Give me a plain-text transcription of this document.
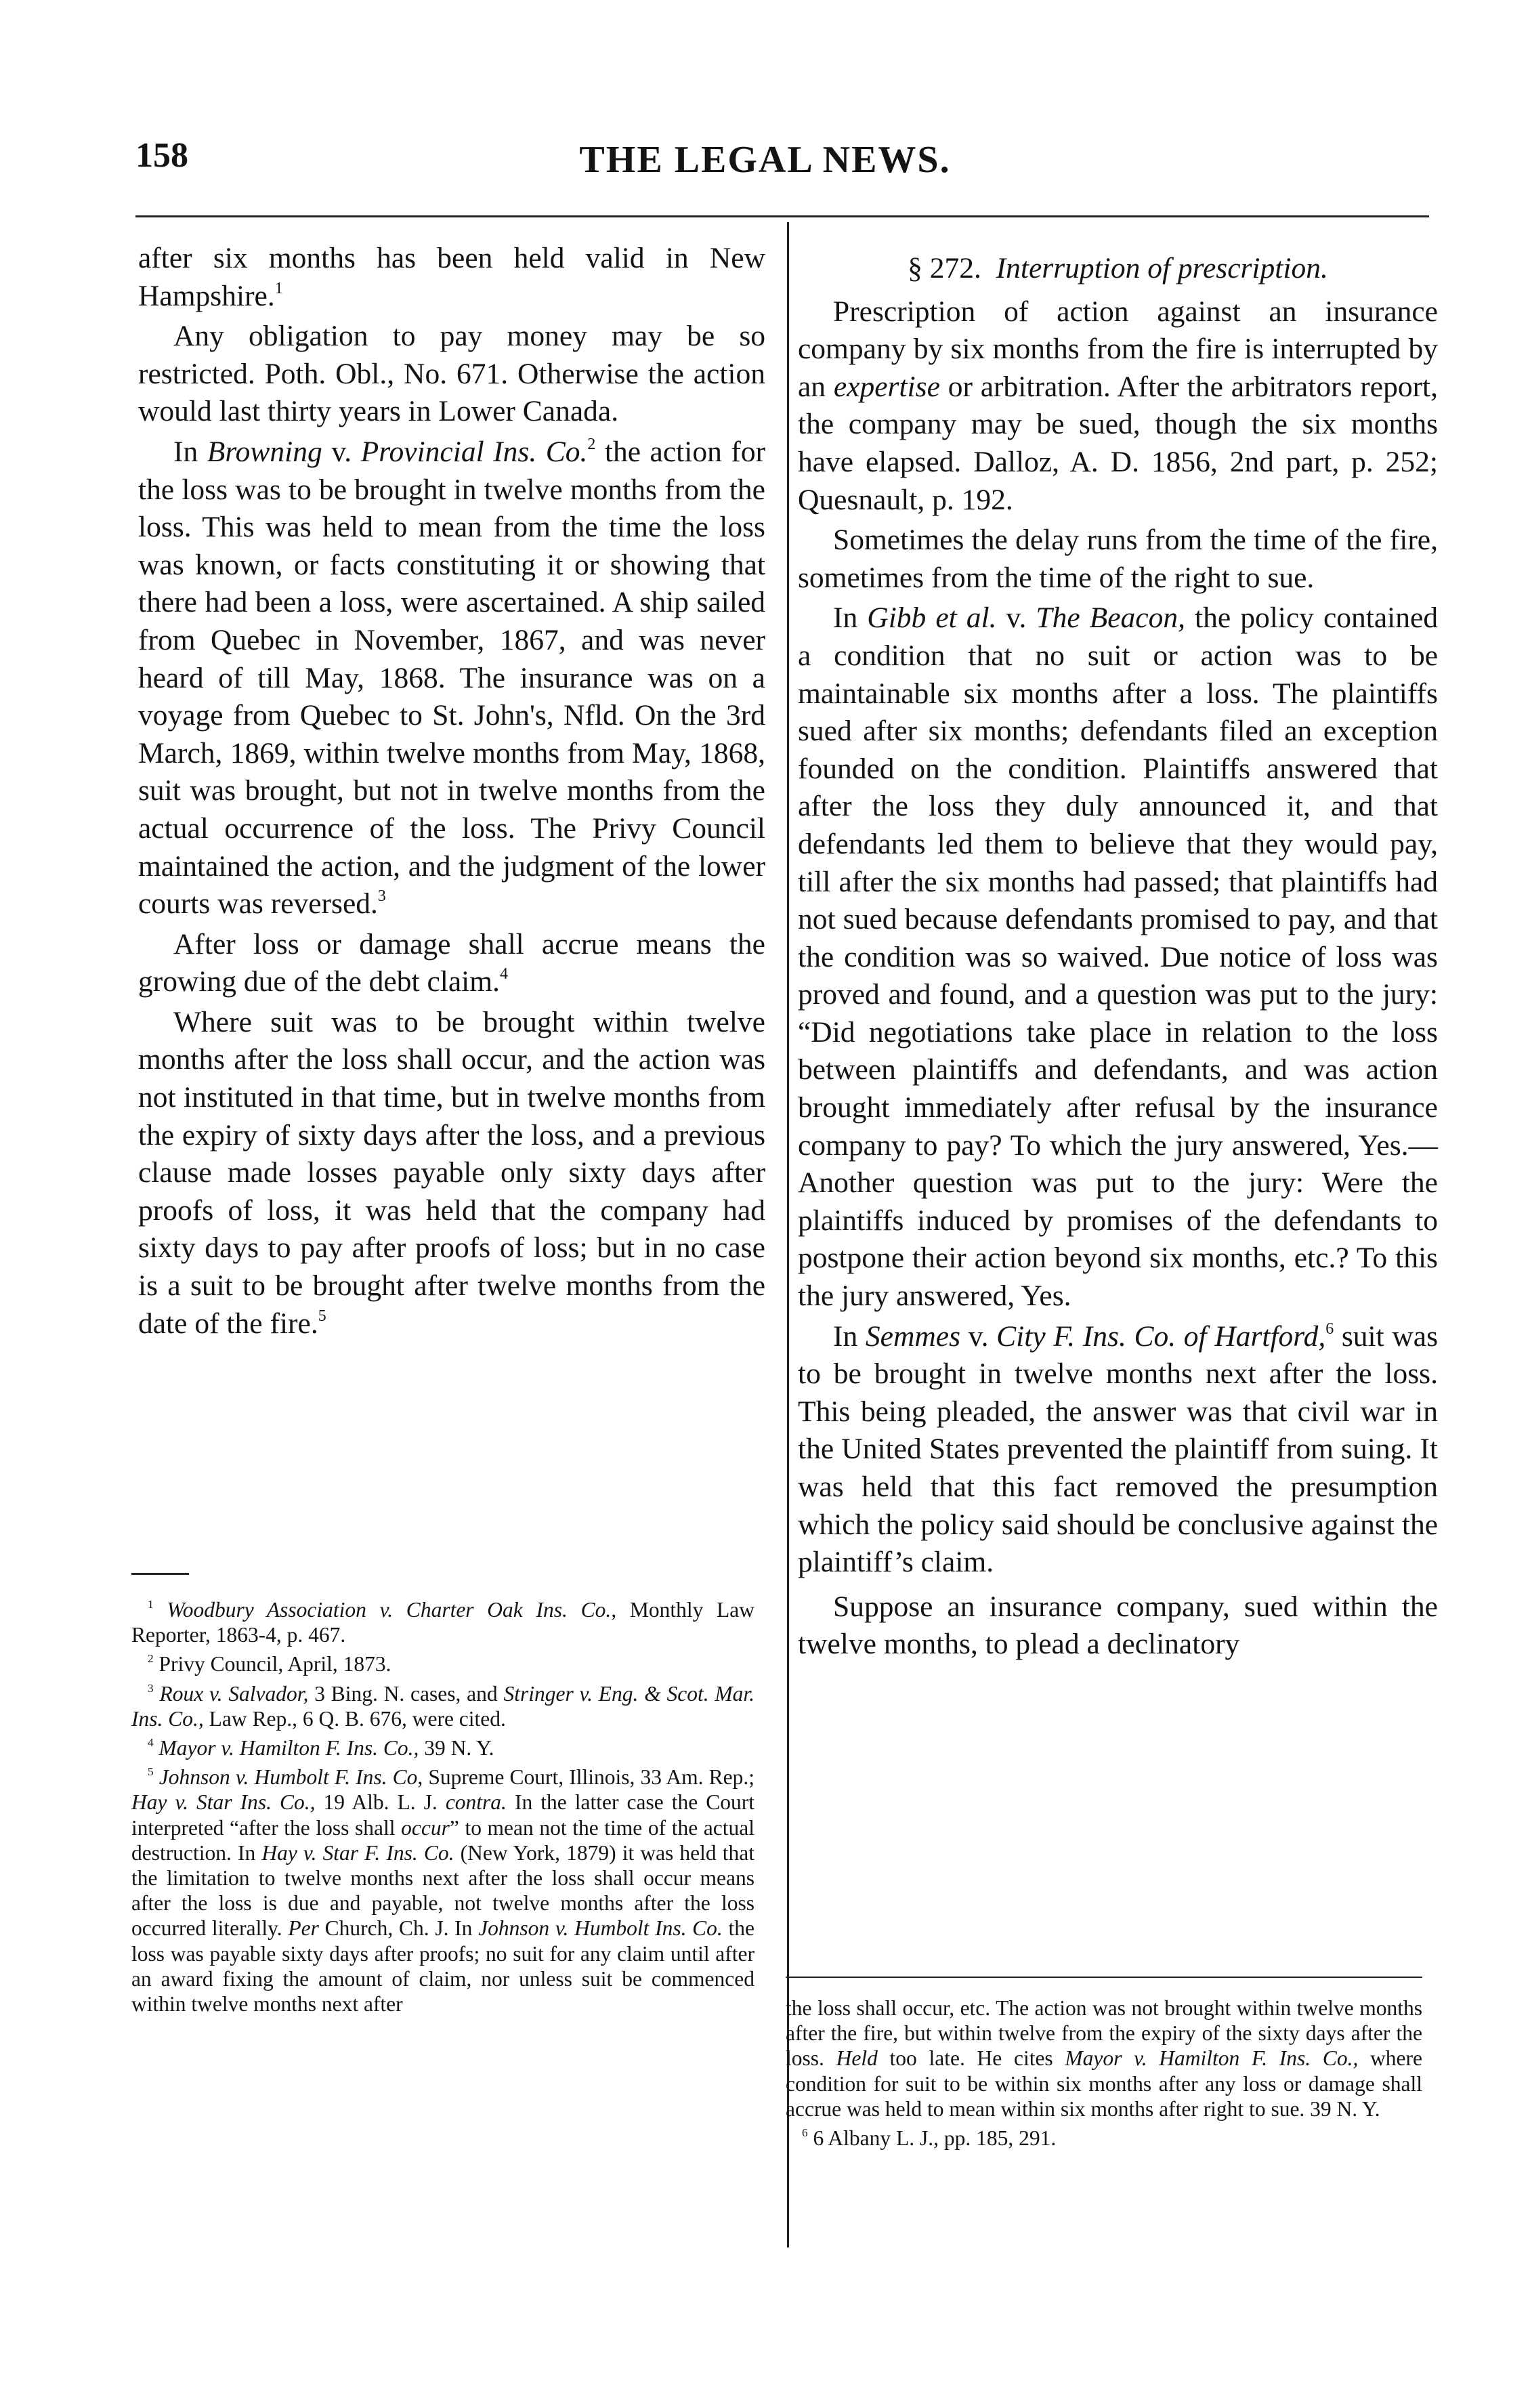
158	THE LEGAL NEWS.

after six months has been held valid in New Hampshire.$^1$

Any obligation to pay money may be so restricted. Poth. Obl., No. 671. Otherwise the action would last thirty years in Lower Canada.

In Browning v. Provincial Ins. Co.$^2$ the action for the loss was to be brought in twelve months from the loss. This was held to mean from the time the loss was known, or facts constituting it or showing that there had been a loss, were ascertained. A ship sailed from Quebec in November, 1867, and was never heard of till May, 1868. The insurance was on a voyage from Quebec to St. John's, Nfld. On the 3rd March, 1869, within twelve months from May, 1868, suit was brought, but not in twelve months from the actual occurrence of the loss. The Privy Council maintained the action, and the judgment of the lower courts was reversed.$^3$

After loss or damage shall accrue means the growing due of the debt claim.$^4$

Where suit was to be brought within twelve months after the loss shall occur, and the action was not instituted in that time, but in twelve months from the expiry of sixty days after the loss, and a previous clause made losses payable only sixty days after proofs of loss, it was held that the company had sixty days to pay after proofs of loss; but in no case is a suit to be brought after twelve months from the date of the fire.$^5$

$^1$ Woodbury Association v. Charter Oak Ins. Co., Monthly Law Reporter, 1863-4, p. 467.

$^2$ Privy Council, April, 1873.

$^3$ Roux v. Salvador, 3 Bing. N. cases, and Stringer v. Eng. & Scot. Mar. Ins. Co., Law Rep., 6 Q. B. 676, were cited.

$^4$ Mayor v. Hamilton F. Ins. Co., 39 N. Y.

$^5$ Johnson v. Humbolt F. Ins. Co, Supreme Court, Illinois, 33 Am. Rep.; Hay v. Star Ins. Co., 19 Alb. L. J. contra. In the latter case the Court interpreted “after the loss shall occur” to mean not the time of the actual destruction. In Hay v. Star F. Ins. Co. (New York, 1879) it was held that the limitation to twelve months next after the loss shall occur means after the loss is due and payable, not twelve months after the loss occurred literally. Per Church, Ch. J. In Johnson v. Humbolt Ins. Co. the loss was payable sixty days after proofs; no suit for any claim until after an award fixing the amount of claim, nor unless suit be commenced within twelve months next after

§ 272. Interruption of prescription.

Prescription of action against an insurance company by six months from the fire is interrupted by an expertise or arbitration. After the arbitrators report, the company may be sued, though the six months have elapsed. Dalloz, A. D. 1856, 2nd part, p. 252; Quesnault, p. 192.

Sometimes the delay runs from the time of the fire, sometimes from the time of the right to sue.

In Gibb et al. v. The Beacon, the policy contained a condition that no suit or action was to be maintainable six months after a loss. The plaintiffs sued after six months; defendants filed an exception founded on the condition. Plaintiffs answered that after the loss they duly announced it, and that defendants led them to believe that they would pay, till after the six months had passed; that plaintiffs had not sued because defendants promised to pay, and that the condition was so waived. Due notice of loss was proved and found, and a question was put to the jury: “Did negotiations take place in relation to the loss between plaintiffs and defendants, and was action brought immediately after refusal by the insurance company to pay? To which the jury answered, Yes.—Another question was put to the jury: Were the plaintiffs induced by promises of the defendants to postpone their action beyond six months, etc.? To this the jury answered, Yes.

In Semmes v. City F. Ins. Co. of Hartford,$^6$ suit was to be brought in twelve months next after the loss. This being pleaded, the answer was that civil war in the United States prevented the plaintiff from suing. It was held that this fact removed the presumption which the policy said should be conclusive against the plaintiff’s claim.

Suppose an insurance company, sued within the twelve months, to plead a declinatory

the loss shall occur, etc. The action was not brought within twelve months after the fire, but within twelve from the expiry of the sixty days after the loss. Held too late. He cites Mayor v. Hamilton F. Ins. Co., where condition for suit to be within six months after any loss or damage shall accrue was held to mean within six months after right to sue. 39 N. Y.

$^6$ 6 Albany L. J., pp. 185, 291.
